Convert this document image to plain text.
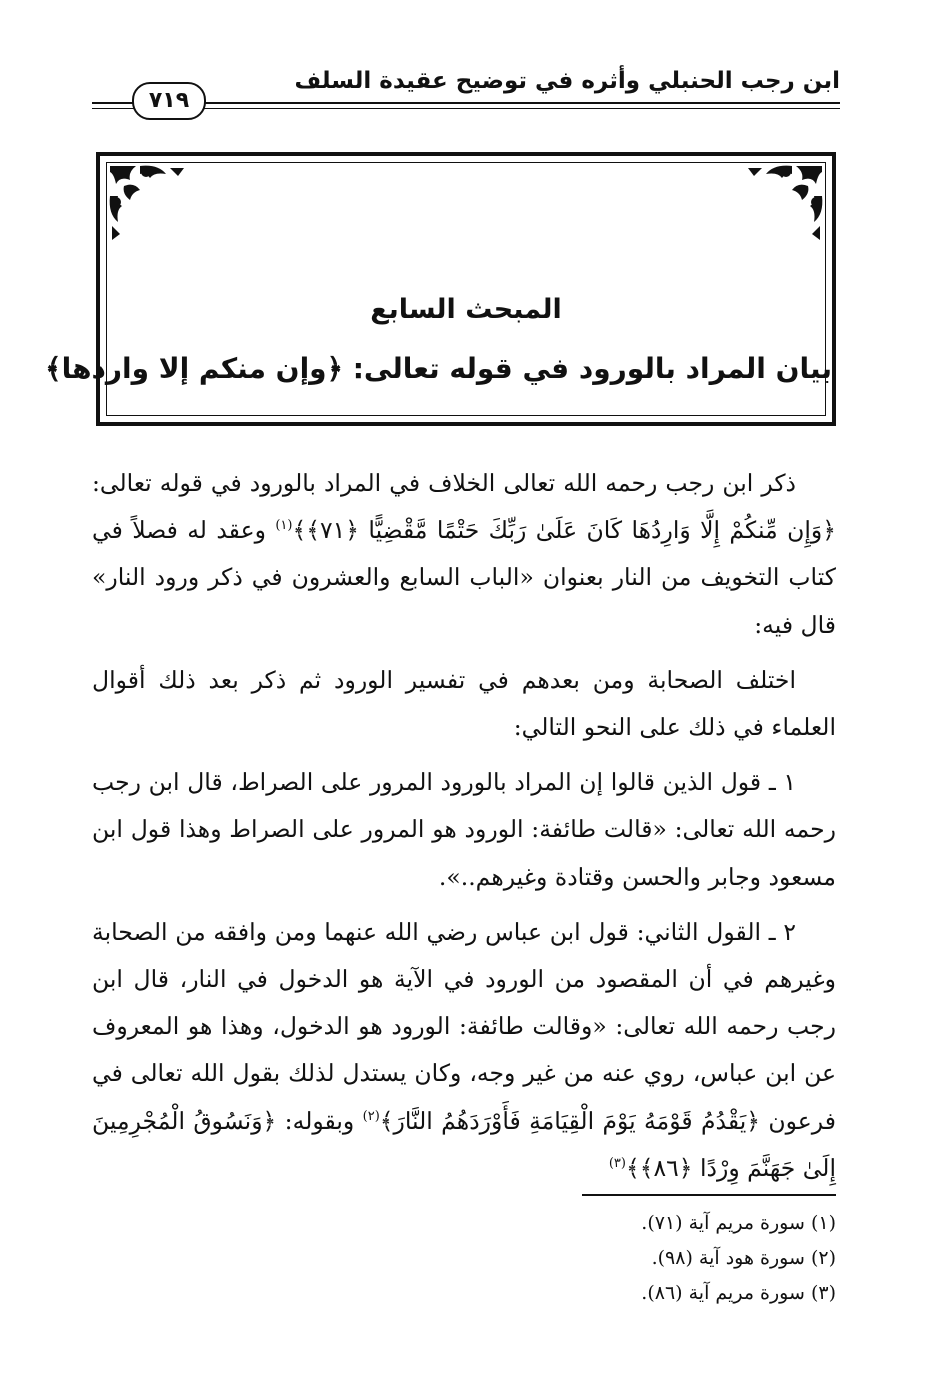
ابن رجب الحنبلي وأثره في توضيح عقيدة السلف
٧١٩
المبحث السابع
بيان المراد بالورود في قوله تعالى: ﴿وإن منكم إلا واردها﴾

ذكر ابن رجب رحمه الله تعالى الخلاف في المراد بالورود في قوله تعالى: ﴿وَإِن مِّنكُمْ إِلَّا وَارِدُهَا كَانَ عَلَىٰ رَبِّكَ حَتْمًا مَّقْضِيًّا ﴿٧١﴾﴾$^{(١)}$ وعقد له فصلاً في كتاب التخويف من النار بعنوان «الباب السابع والعشرون في ذكر ورود النار» قال فيه:

اختلف الصحابة ومن بعدهم في تفسير الورود ثم ذكر بعد ذلك أقوال العلماء في ذلك على النحو التالي:

١ ـ قول الذين قالوا إن المراد بالورود المرور على الصراط، قال ابن رجب رحمه الله تعالى: «قالت طائفة: الورود هو المرور على الصراط وهذا قول ابن مسعود وجابر والحسن وقتادة وغيرهم..».

٢ ـ القول الثاني: قول ابن عباس رضي الله عنهما ومن وافقه من الصحابة وغيرهم في أن المقصود من الورود في الآية هو الدخول في النار، قال ابن رجب رحمه الله تعالى: «وقالت طائفة: الورود هو الدخول، وهذا هو المعروف عن ابن عباس، روي عنه من غير وجه، وكان يستدل لذلك بقول الله تعالى في فرعون ﴿يَقْدُمُ قَوْمَهُ يَوْمَ الْقِيَامَةِ فَأَوْرَدَهُمُ النَّارَ﴾$^{(٢)}$ وبقوله: ﴿وَنَسُوقُ الْمُجْرِمِينَ إِلَىٰ جَهَنَّمَ وِرْدًا ﴿٨٦﴾﴾$^{(٣)}$

(١) سورة مريم آية (٧١).
(٢) سورة هود آية (٩٨).
(٣) سورة مريم آية (٨٦).
